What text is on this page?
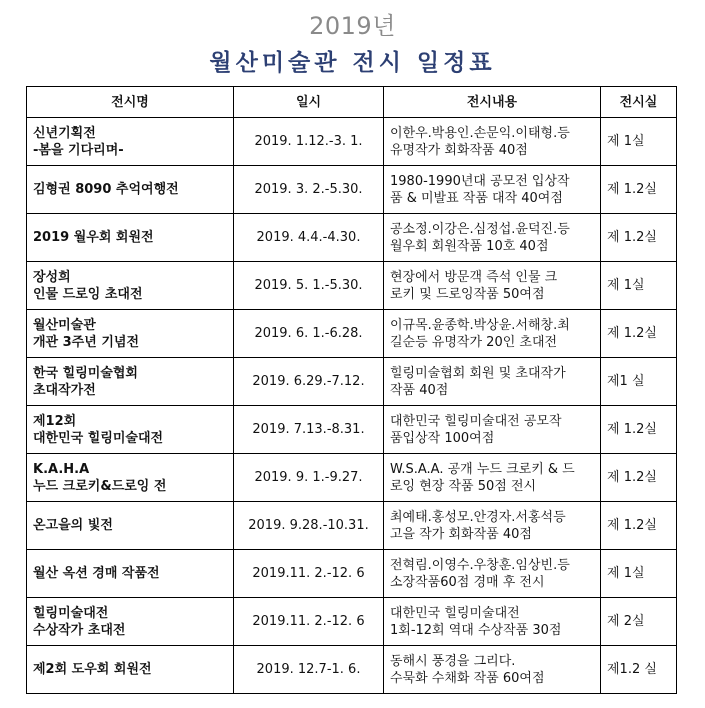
2019년
월산미술관 전시 일정표
전시명	일시	전시내용	전시실

신년기획전
-봄을 기다리며-	2019. 1.12.-3. 1.	이한우.박용인.손문익.이태형.등
유명작가 회화작품 40점	제 1실

김형권 8090 추억여행전	2019. 3. 2.-5.30.	1980-1990년대 공모전 입상작
품 & 미발표 작품 대작 40여점	제 1.2실

2019 월우회 회원전	2019. 4.4.-4.30.	공소정.이강은.심정섭.윤덕진.등
월우회 회원작품 10호 40점	제 1.2실

장성희
인물 드로잉 초대전	2019. 5. 1.-5.30.	현장에서 방문객 즉석 인물 크
로키 및 드로잉작품 50여점	제 1실

월산미술관
개관 3주년 기념전	2019. 6. 1.-6.28.	이규목.윤종학.박상윤.서해창.최
길순등 유명작가 20인 초대전	제 1.2실

한국 힐링미술협회
초대작가전	2019. 6.29.-7.12.	힐링미술협회 회원 및 초대작가
작품 40점	제1 실

제12회
대한민국 힐링미술대전	2019. 7.13.-8.31.	대한민국 힐링미술대전 공모작
품입상작 100여점	제 1.2실

K.A.H.A
누드 크로키&드로잉 전	2019. 9. 1.-9.27.	W.S.A.A. 공개 누드 크로키 & 드
로잉 현장 작품 50점 전시	제 1.2실

온고을의 빛전	2019. 9.28.-10.31.	최예태.홍성모.안경자.서홍석등
고을 작가 회화작품 40점	제 1.2실

월산 옥션 경매 작품전	2019.11. 2.-12. 6	전혁림.이영수.우창훈.임상빈.등
소장작품60점 경매 후 전시	제 1실

힐링미술대전
수상작가 초대전	2019.11. 2.-12. 6	대한민국 힐링미술대전
1회-12회 역대 수상작품 30점	제 2실

제2회 도우회 회원전	2019. 12.7-1. 6.	동해시 풍경을 그리다.
수묵화 수채화 작품 60여점	제1.2 실
